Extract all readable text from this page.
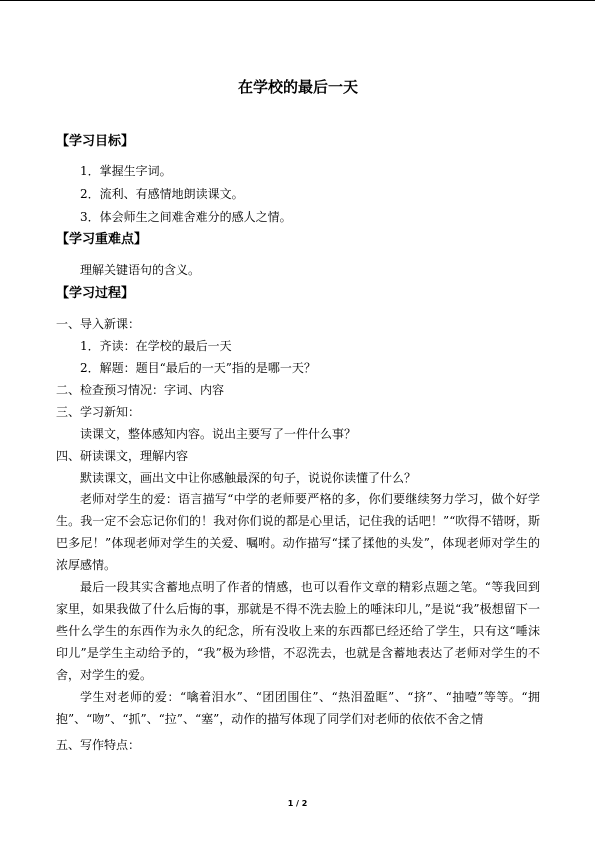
在学校的最后一天
【学习目标】
1．掌握生字词。
2．流利、有感情地朗读课文。
3．体会师生之间难舍难分的感人之情。
【学习重难点】
理解关键语句的含义。
【学习过程】
一、导入新课：
1．齐读：在学校的最后一天
2．解题：题目“最后的一天”指的是哪一天？
二、检查预习情况：字词、内容
三、学习新知：
读课文，整体感知内容。说出主要写了一件什么事？
四、研读课文，理解内容
默读课文，画出文中让你感触最深的句子，说说你读懂了什么？
老师对学生的爱：语言描写“中学的老师要严格的多，你们要继续努力学习，做个好学生。我一定不会忘记你们的！我对你们说的都是心里话，记住我的话吧！”“吹得不错呀，斯巴多尼！”体现老师对学生的关爱、嘱咐。动作描写“揉了揉他的头发”，体现老师对学生的浓厚感情。
最后一段其实含蓄地点明了作者的情感，也可以看作文章的精彩点题之笔。“等我回到家里，如果我做了什么后悔的事，那就是不得不洗去脸上的唾沫印儿，”是说“我”极想留下一些什么学生的东西作为永久的纪念，所有没收上来的东西都已经还给了学生，只有这“唾沫印儿”是学生主动给予的，“我”极为珍惜，不忍洗去，也就是含蓄地表达了老师对学生的不舍，对学生的爱。
学生对老师的爱：“噙着泪水”、“团团围住”、“热泪盈眶”、“挤”、“抽噎”等等。“拥抱”、“吻”、“抓”、“拉”、“塞”，动作的描写体现了同学们对老师的依依不舍之情
五、写作特点：
1 / 2
